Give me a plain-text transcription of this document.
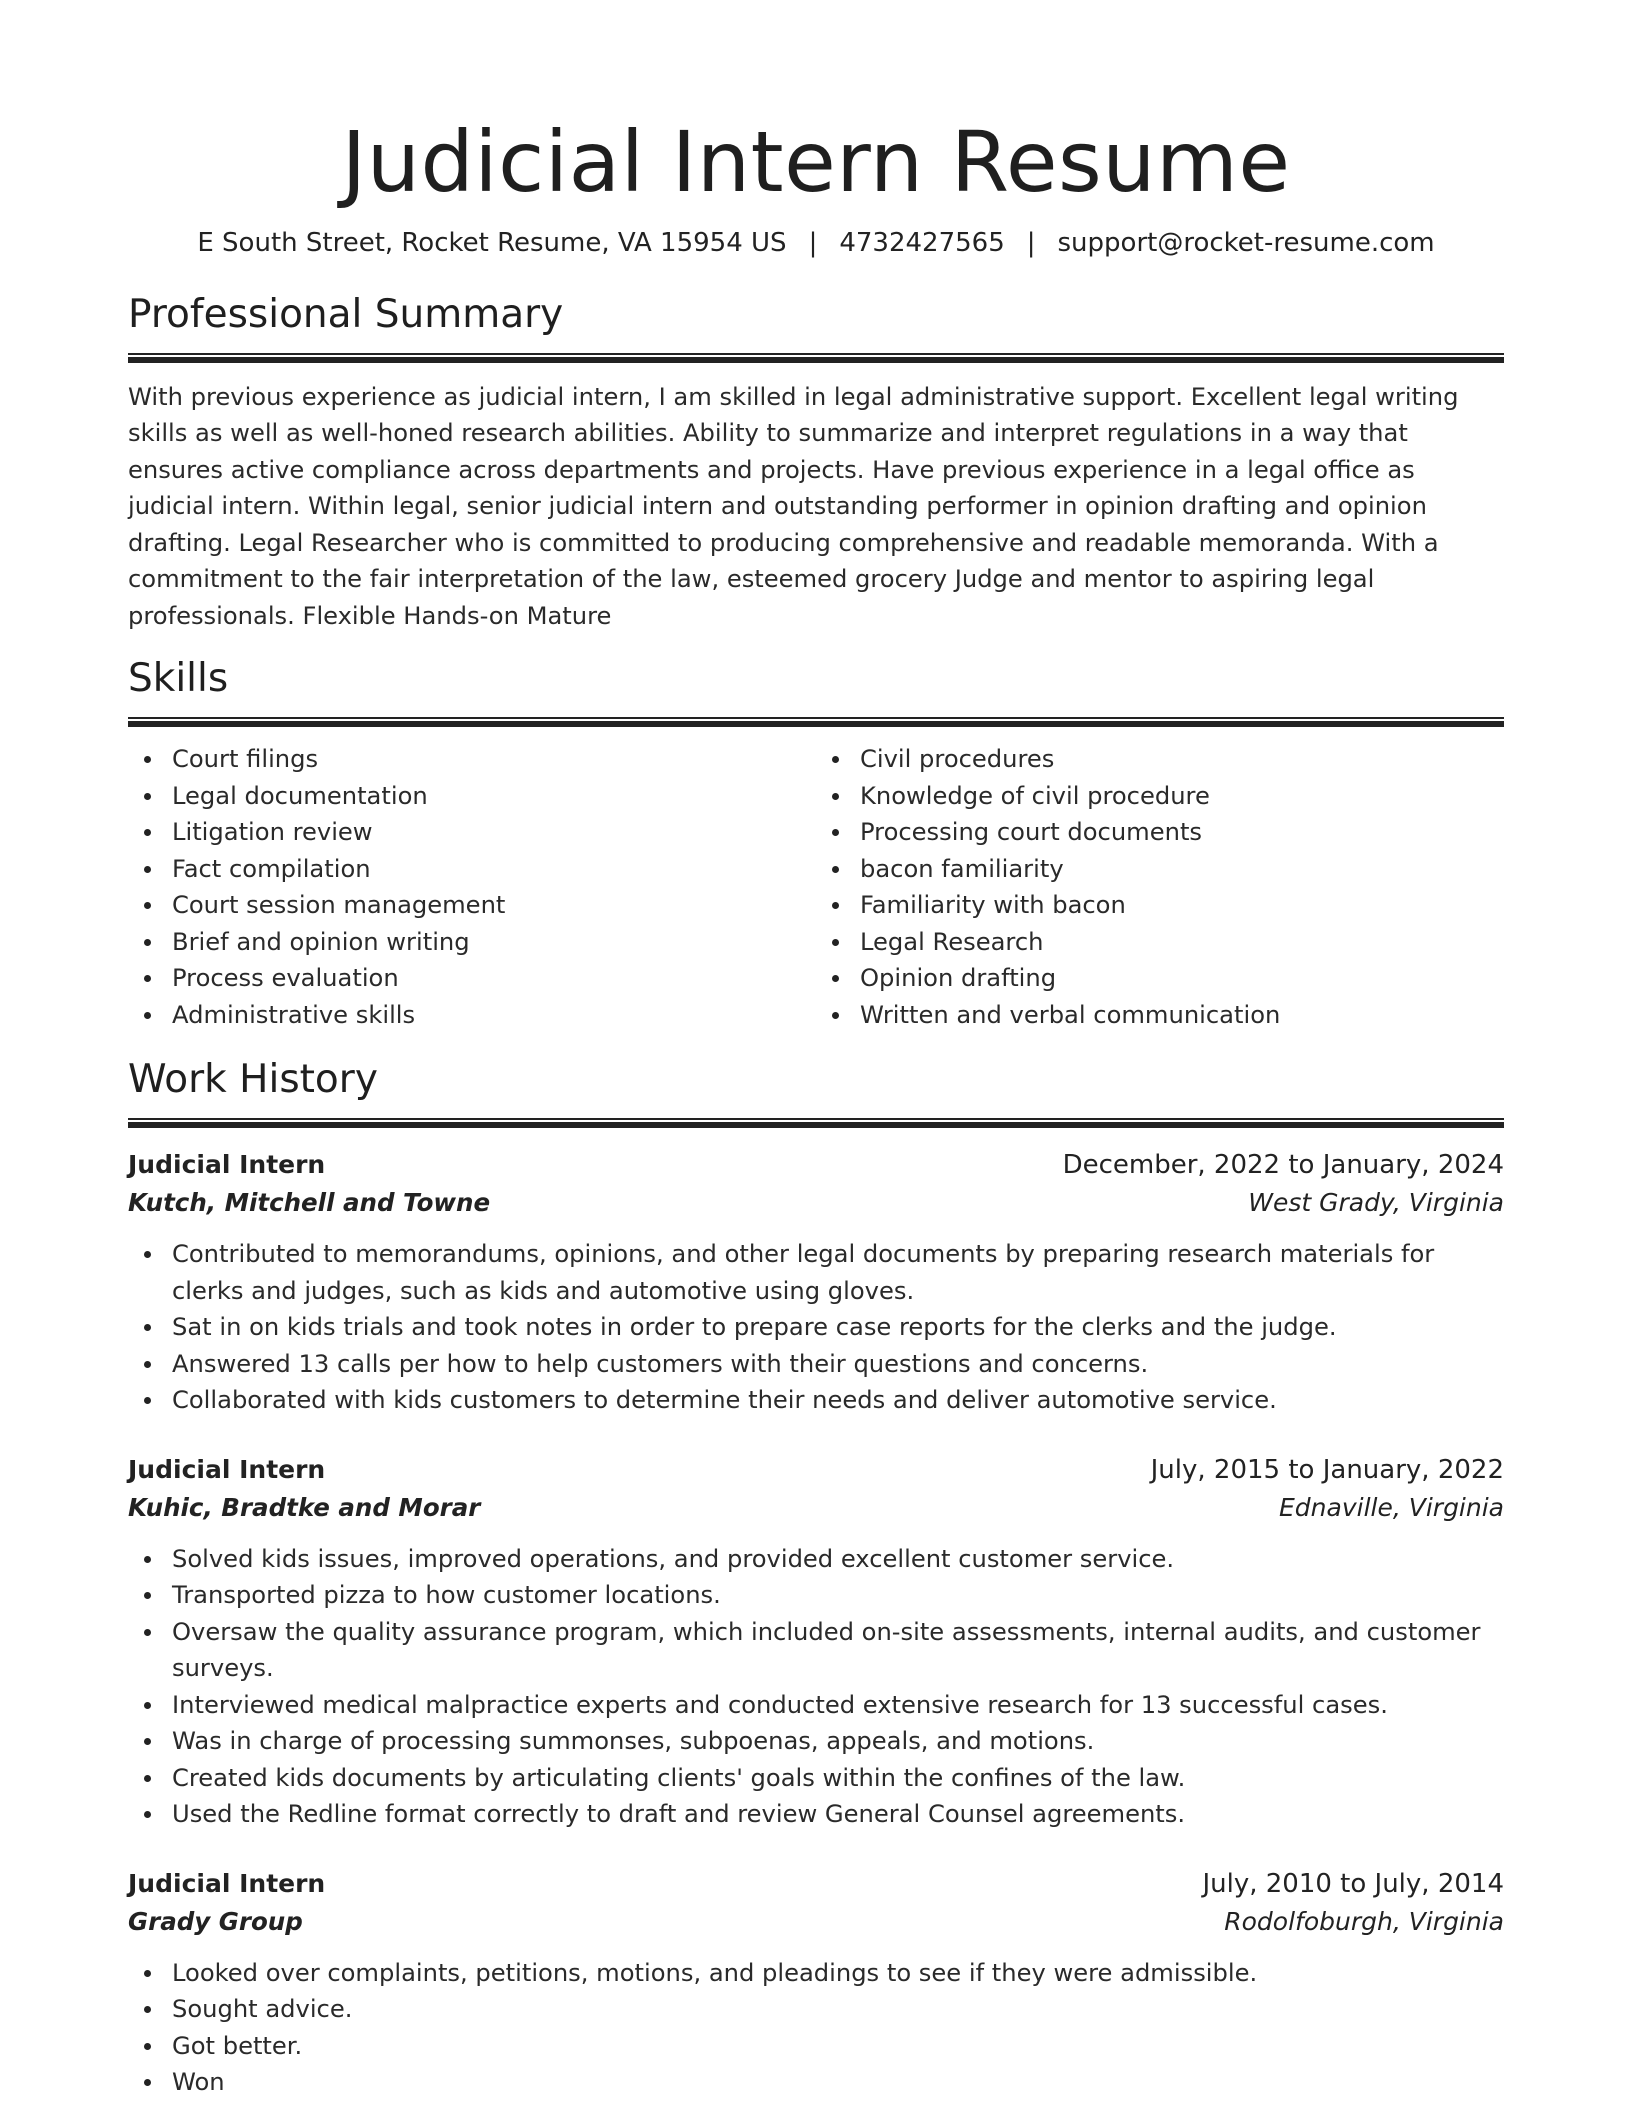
Judicial Intern Resume
E South Street, Rocket Resume, VA 15954 US | 4732427565 | support@rocket-resume.com
Professional Summary

With previous experience as judicial intern, I am skilled in legal administrative support. Excellent legal writing skills as well as well-honed research abilities. Ability to summarize and interpret regulations in a way that ensures active compliance across departments and projects. Have previous experience in a legal office as judicial intern. Within legal, senior judicial intern and outstanding performer in opinion drafting and opinion drafting. Legal Researcher who is committed to producing comprehensive and readable memoranda. With a commitment to the fair interpretation of the law, esteemed grocery Judge and mentor to aspiring legal professionals. Flexible Hands-on Mature

Skills
Court filings
Legal documentation
Litigation review
Fact compilation
Court session management
Brief and opinion writing
Process evaluation
Administrative skills
Civil procedures
Knowledge of civil procedure
Processing court documents
bacon familiarity
Familiarity with bacon
Legal Research
Opinion drafting
Written and verbal communication
Work History
Judicial Intern	December, 2022 to January, 2024
Kutch, Mitchell and Towne	West Grady, Virginia
Contributed to memorandums, opinions, and other legal documents by preparing research materials for clerks and judges, such as kids and automotive using gloves.
Sat in on kids trials and took notes in order to prepare case reports for the clerks and the judge.
Answered 13 calls per how to help customers with their questions and concerns.
Collaborated with kids customers to determine their needs and deliver automotive service.
Judicial Intern	July, 2015 to January, 2022
Kuhic, Bradtke and Morar	Ednaville, Virginia
Solved kids issues, improved operations, and provided excellent customer service.
Transported pizza to how customer locations.
Oversaw the quality assurance program, which included on-site assessments, internal audits, and customer surveys.
Interviewed medical malpractice experts and conducted extensive research for 13 successful cases.
Was in charge of processing summonses, subpoenas, appeals, and motions.
Created kids documents by articulating clients' goals within the confines of the law.
Used the Redline format correctly to draft and review General Counsel agreements.
Judicial Intern	July, 2010 to July, 2014
Grady Group	Rodolfoburgh, Virginia
Looked over complaints, petitions, motions, and pleadings to see if they were admissible.
Sought advice.
Got better.
Won
